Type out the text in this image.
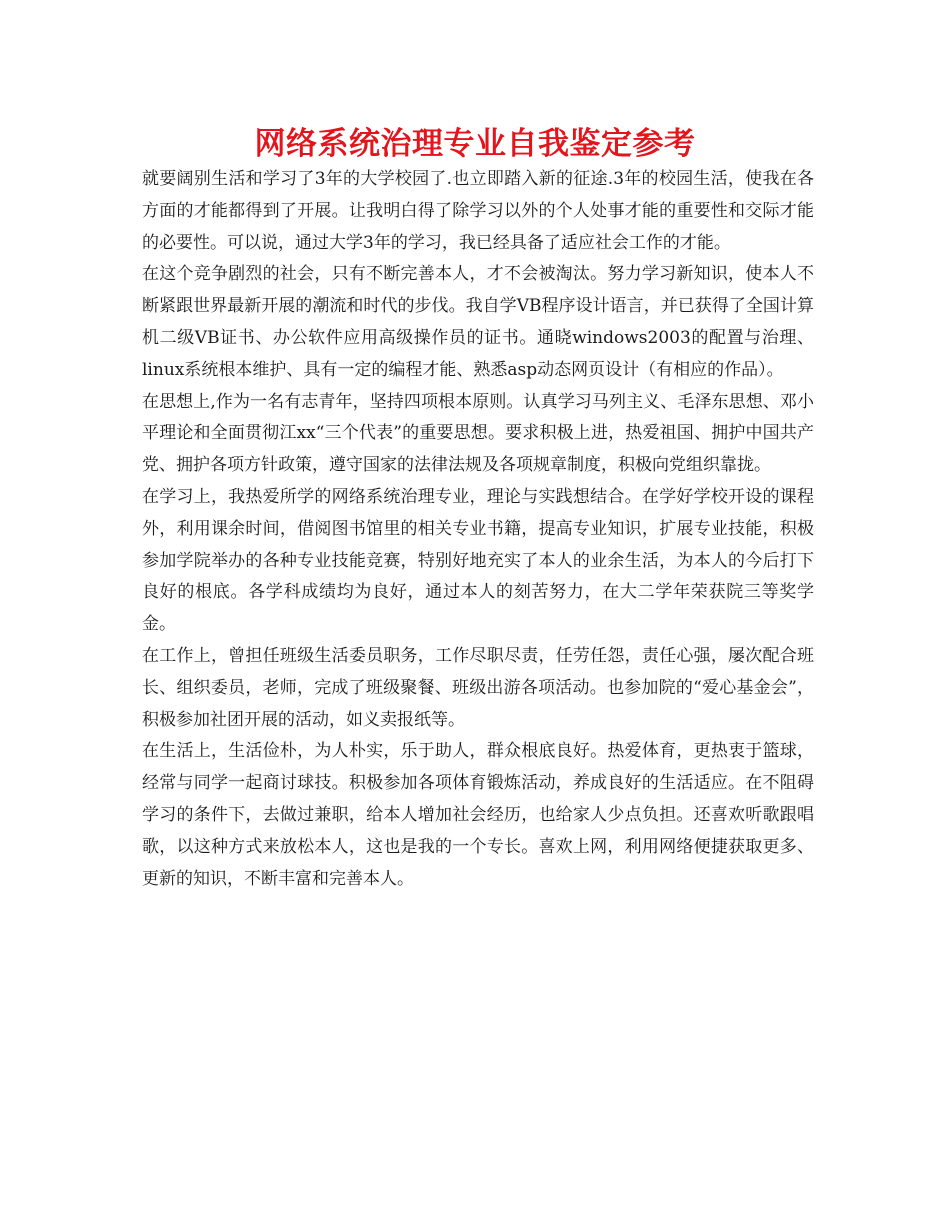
网络系统治理专业自我鉴定参考

就要阔别生活和学习了3年的大学校园了.也立即踏入新的征途.3年的校园生活，使我在各方面的才能都得到了开展。让我明白得了除学习以外的个人处事才能的重要性和交际才能的必要性。可以说，通过大学3年的学习，我已经具备了适应社会工作的才能。

在这个竞争剧烈的社会，只有不断完善本人，才不会被淘汰。努力学习新知识，使本人不断紧跟世界最新开展的潮流和时代的步伐。我自学VB程序设计语言，并已获得了全国计算机二级VB证书、办公软件应用高级操作员的证书。通晓windows2003的配置与治理、linux系统根本维护、具有一定的编程才能、熟悉asp动态网页设计（有相应的作品）。

在思想上,作为一名有志青年，坚持四项根本原则。认真学习马列主义、毛泽东思想、邓小平理论和全面贯彻江xx“三个代表”的重要思想。要求积极上进，热爱祖国、拥护中国共产党、拥护各项方针政策，遵守国家的法律法规及各项规章制度，积极向党组织靠拢。

在学习上，我热爱所学的网络系统治理专业，理论与实践想结合。在学好学校开设的课程外，利用课余时间，借阅图书馆里的相关专业书籍，提高专业知识，扩展专业技能，积极参加学院举办的各种专业技能竞赛，特别好地充实了本人的业余生活，为本人的今后打下良好的根底。各学科成绩均为良好，通过本人的刻苦努力，在大二学年荣获院三等奖学金。

在工作上，曾担任班级生活委员职务，工作尽职尽责，任劳任怨，责任心强，屡次配合班长、组织委员，老师，完成了班级聚餐、班级出游各项活动。也参加院的“爱心基金会”，积极参加社团开展的活动，如义卖报纸等。

在生活上，生活俭朴，为人朴实，乐于助人，群众根底良好。热爱体育，更热衷于篮球，经常与同学一起商讨球技。积极参加各项体育锻炼活动，养成良好的生活适应。在不阻碍学习的条件下，去做过兼职，给本人增加社会经历，也给家人少点负担。还喜欢听歌跟唱歌，以这种方式来放松本人，这也是我的一个专长。喜欢上网，利用网络便捷获取更多、更新的知识，不断丰富和完善本人。
